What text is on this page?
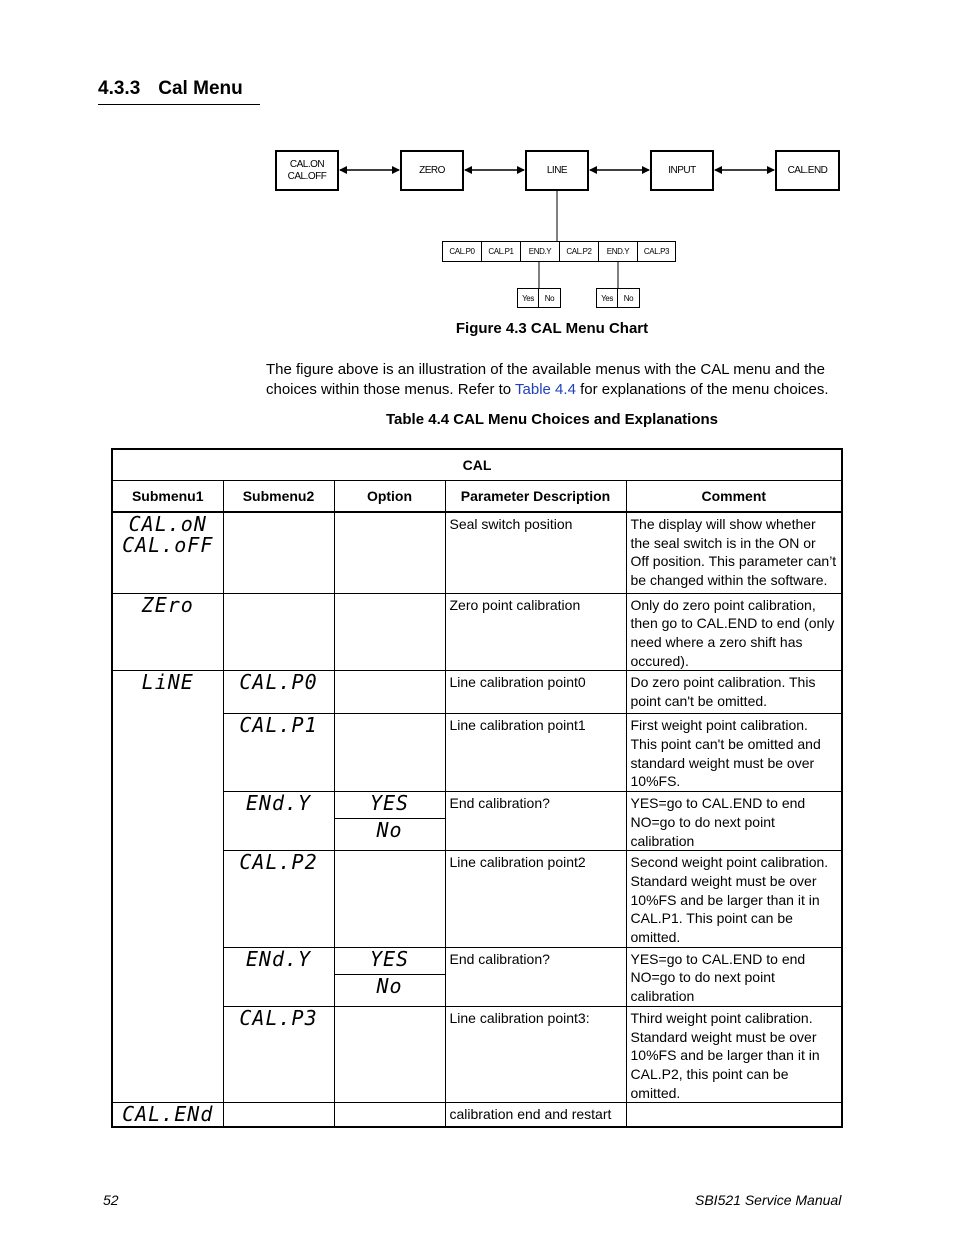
4.3.3 Cal Menu
CAL.ON
CAL.OFF
ZERO	LINE	INPUT	CAL.END
CAL.P0 CAL.P1 END.Y CAL.P2 END.Y CAL.P3
Yes No	Yes No
Figure 4.3 CAL Menu Chart
The figure above is an illustration of the available menus with the CAL menu and the choices within those menus. Refer to Table 4.4 for explanations of the menu choices.
Table 4.4 CAL Menu Choices and Explanations
CAL				
Submenu1	Submenu2	Option	Parameter Description	Comment

CAL.oN
CAL.oFF			Seal switch position	The display will show whether the seal switch is in the ON or Off position. This parameter can’t be changed within the software.

ZEro			Zero point calibration	Only do zero point calibration, then go to CAL.END to end (only need where a zero shift has occured).

LiNE	CAL.P0		Line calibration point0	Do zero point calibration. This point can't be omitted.

	CAL.P1		Line calibration point1	First weight point calibration. This point can't be omitted and standard weight must be over 10%FS.

	ENd.Y	YES
No	End calibration?	YES=go to CAL.END to end NO=go to do next point calibration

	CAL.P2		Line calibration point2	Second weight point calibration. Standard weight must be over 10%FS and be larger than it in CAL.P1. This point can be omitted.

	ENd.Y	YES
No	End calibration?	YES=go to CAL.END to end NO=go to do next point calibration

	CAL.P3		Line calibration point3:	Third weight point calibration. Standard weight must be over 10%FS and be larger than it in CAL.P2, this point can be omitted.

CAL.ENd			calibration end and restart	

52	SBI521 Service Manual
